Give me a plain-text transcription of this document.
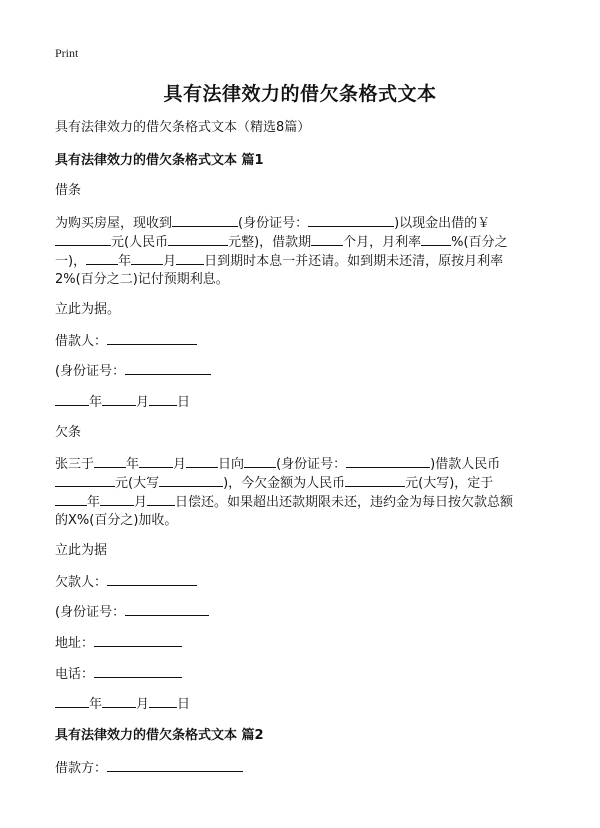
Print
具有法律效力的借欠条格式文本
具有法律效力的借欠条格式文本（精选8篇）
具有法律效力的借欠条格式文本 篇1
借条
为购买房屋，现收到	(身份证号：	)以现金出借的￥
元(人民币	元整)，借款期 个月，月利率 %(百分之
一)， 年 月 日到期时本息一并还请。如到期未还清，原按月利率
2%(百分之二)记付预期利息。
立此为据。
借款人：
(身份证号：
年	月 日
欠条
张三于 年	月 日向 (身份证号：	)借款人民币
元(大写	)，今欠金额为人民币	元(大写)，定于
年	月 日偿还。如果超出还款期限未还，违约金为每日按欠款总额
的X%(百分之)加收。
立此为据
欠款人：
(身份证号：
地址：
电话：
年	月 日
具有法律效力的借欠条格式文本 篇2
借款方：
